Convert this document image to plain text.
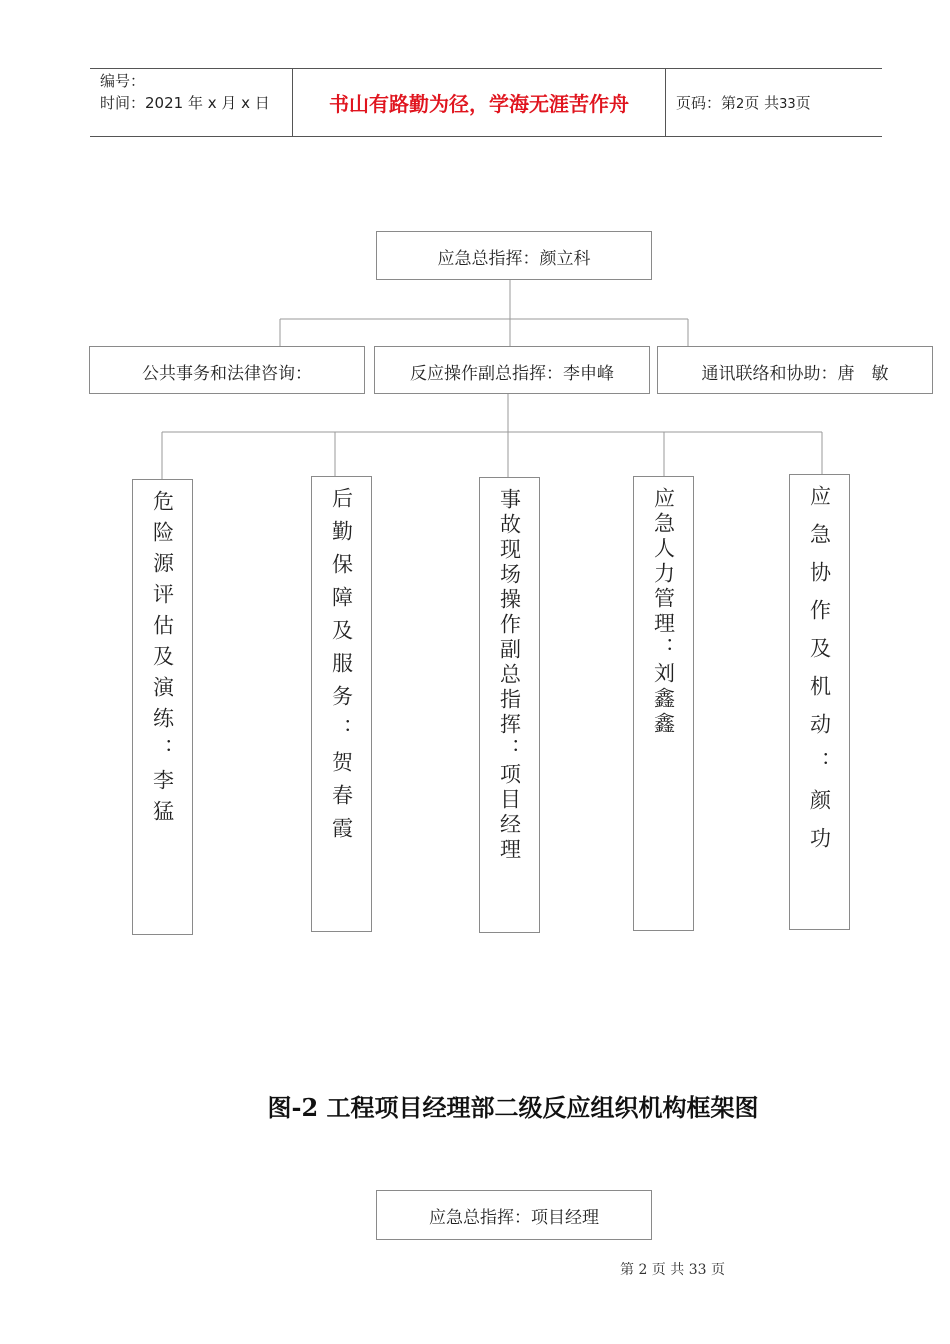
编号：
时间：2021 年 x 月 x 日	书山有路勤为径，学海无涯苦作舟	页码：第2页 共33页
应急总指挥：颜立科
公共事务和法律咨询：	反应操作副总指挥：李申峰	通讯联络和协助：唐　敏
危险源评估及演练：李猛	后勤保障及服务：贺春霞	事故现场操作副总指挥：项目经理	应急人力管理：刘鑫鑫	应急协作及机动：颜功
图-2 工程项目经理部二级反应组织机构框架图
应急总指挥：项目经理
第 2 页 共 33 页
